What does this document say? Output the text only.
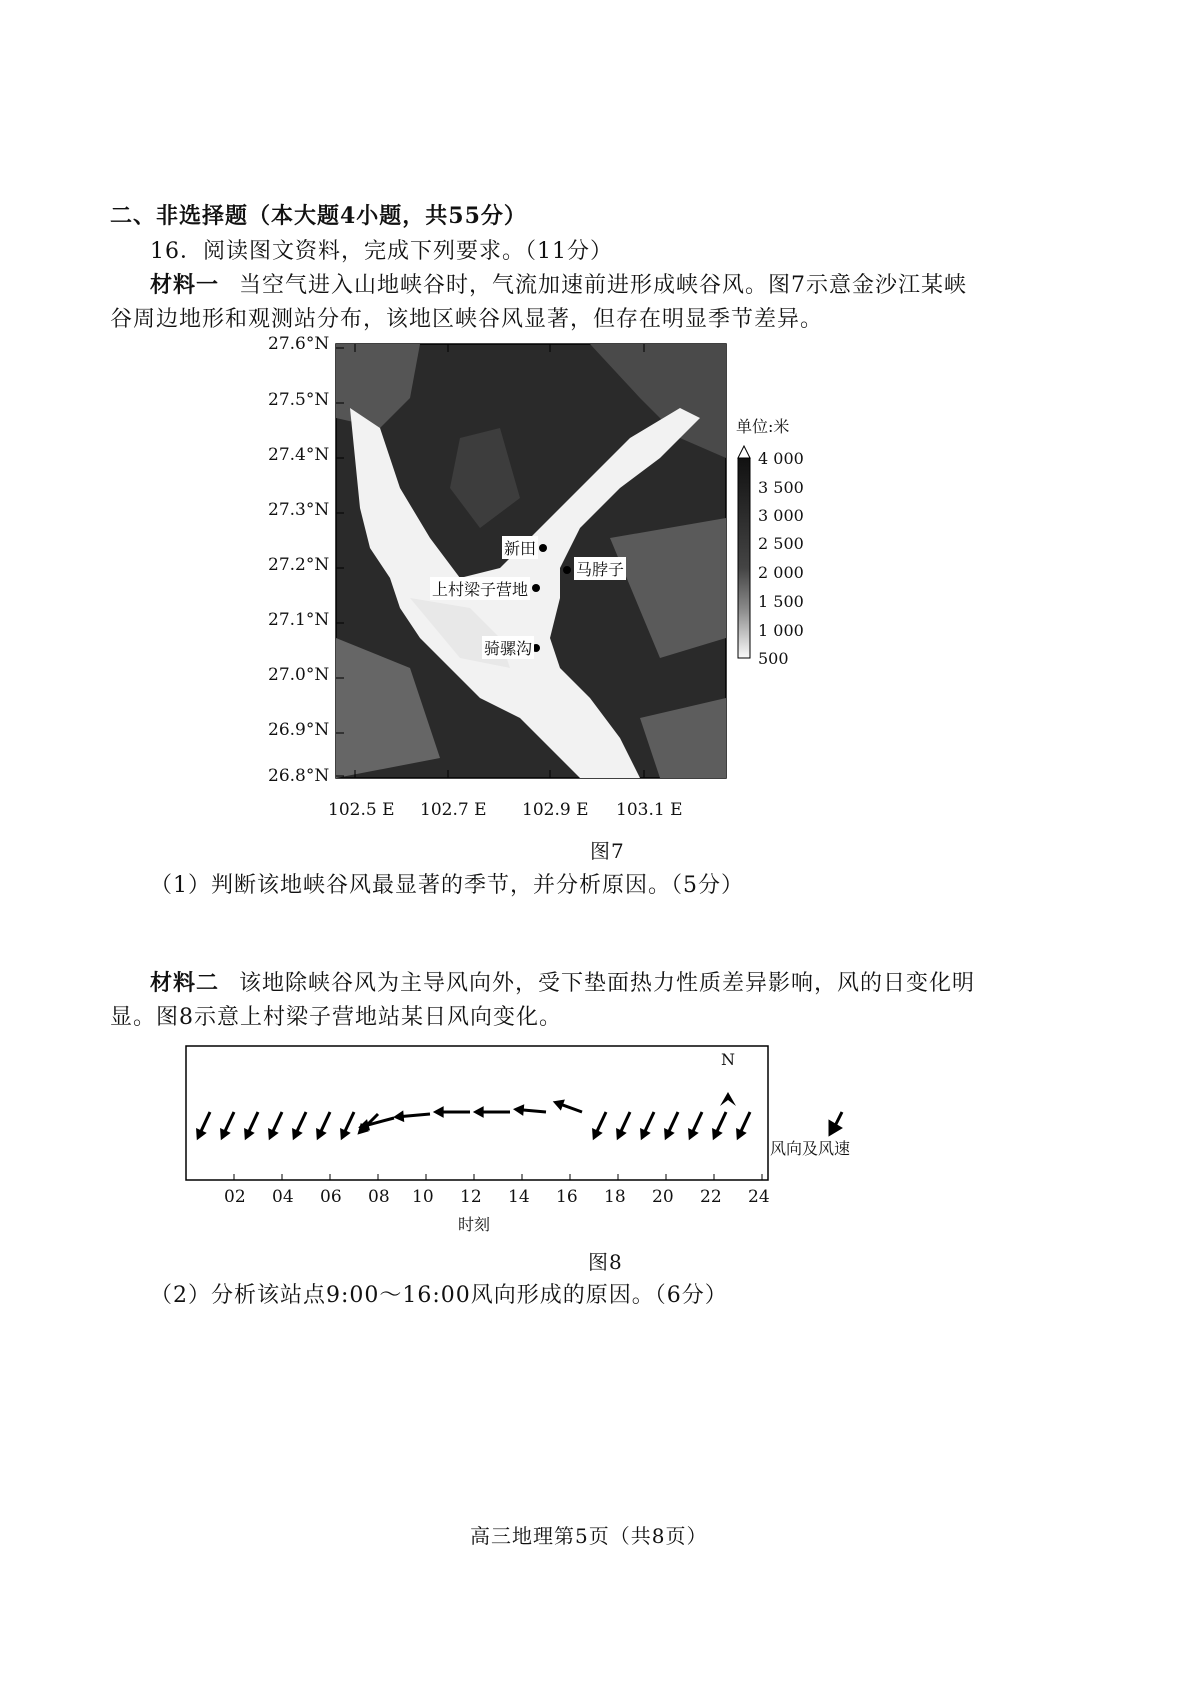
二、非选择题（本大题4小题，共55分）
16．阅读图文资料，完成下列要求。（11分）
材料一 当空气进入山地峡谷时，气流加速前进形成峡谷风。图7示意金沙江某峡
谷周边地形和观测站分布，该地区峡谷风显著，但存在明显季节差异。
27.6°N
27.5°N
27.4°N
27.3°N
27.2°N
27.1°N
27.0°N
26.9°N
26.8°N
102.5 E 102.7 E 102.9 E 103.1 E
新田
马脖子
上村梁子营地
骑骡沟
单位:米
4 000
3 500
3 000
2 500
2 000
1 500
1 000
500
图7
（1）判断该地峡谷风最显著的季节，并分析原因。（5分）
材料二 该地除峡谷风为主导风向外，受下垫面热力性质差异影响，风的日变化明
显。图8示意上村梁子营地站某日风向变化。
N
风向及风速
02 04 06 08 10 12 14 16 18 20 22 24
时刻
图8
（2）分析该站点9:00～16:00风向形成的原因。（6分）
高三地理第5页（共8页）
